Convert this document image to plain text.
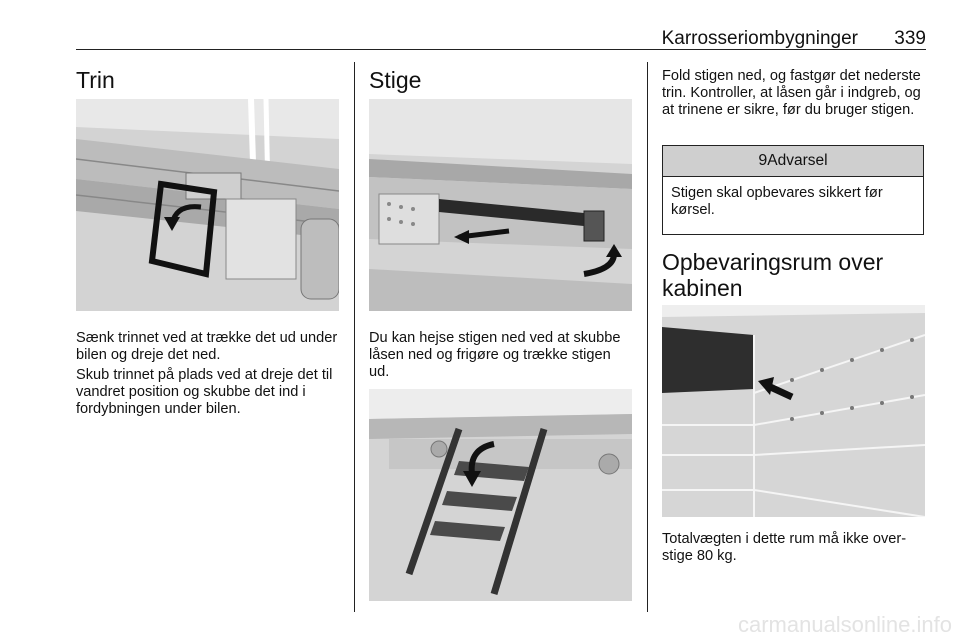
Karrosseriombygninger 339
Trin

Sænk trinnet ved at trække det ud under bilen og dreje det ned.

Skub trinnet på plads ved at dreje det til vandret position og skubbe det ind i fordybningen under bilen.

Stige

Du kan hejse stigen ned ved at skubbe låsen ned og frigøre og trække stigen ud.

Fold stigen ned, og fastgør det nederste trin. Kontroller, at låsen går i indgreb, og at trinene er sikre, før du bruger stigen.

9Advarsel
Stigen skal opbevares sikkert før kørsel.
Opbevaringsrum over kabinen

Totalvægten i dette rum må ikke overstige 80 kg.

carmanualsonline.info
